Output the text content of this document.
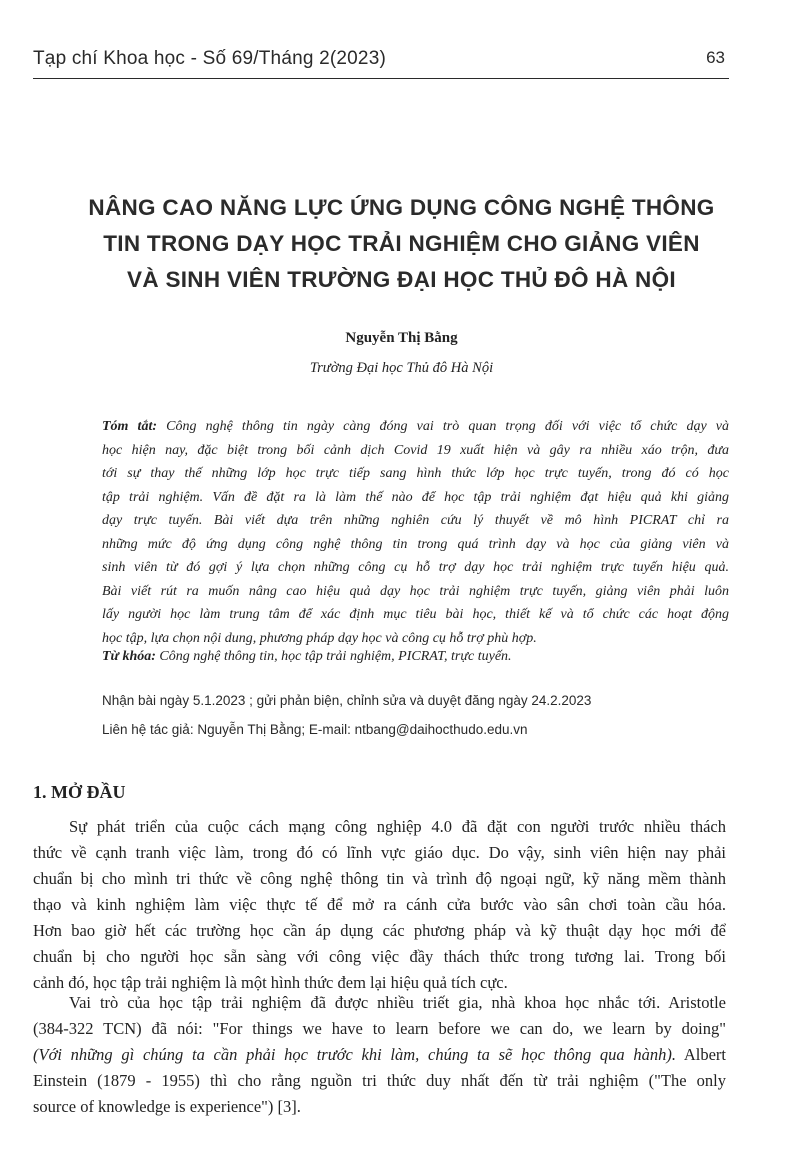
Tạp chí Khoa học - Số 69/Tháng 2(2023)	63
NÂNG CAO NĂNG LỰC ỨNG DỤNG CÔNG NGHỆ THÔNG
TIN TRONG DẠY HỌC TRẢI NGHIỆM CHO GIẢNG VIÊN
VÀ SINH VIÊN TRƯỜNG ĐẠI HỌC THỦ ĐÔ HÀ NỘI
Nguyễn Thị Bằng
Trường Đại học Thủ đô Hà Nội
Tóm tắt: Công nghệ thông tin ngày càng đóng vai trò quan trọng đối với việc tổ chức dạy và
học hiện nay, đặc biệt trong bối cảnh dịch Covid 19 xuất hiện và gây ra nhiều xáo trộn, đưa
tới sự thay thế những lớp học trực tiếp sang hình thức lớp học trực tuyến, trong đó có học
tập trải nghiệm. Vấn đề đặt ra là làm thế nào để học tập trải nghiệm đạt hiệu quả khi giảng
dạy trực tuyến. Bài viết dựa trên những nghiên cứu lý thuyết về mô hình PICRAT chỉ ra
những mức độ ứng dụng công nghệ thông tin trong quá trình dạy và học của giảng viên và
sinh viên từ đó gợi ý lựa chọn những công cụ hỗ trợ dạy học trải nghiệm trực tuyến hiệu quả.
Bài viết rút ra muốn nâng cao hiệu quả dạy học trải nghiệm trực tuyến, giảng viên phải luôn
lấy người học làm trung tâm để xác định mục tiêu bài học, thiết kế và tổ chức các hoạt động
học tập, lựa chọn nội dung, phương pháp dạy học và công cụ hỗ trợ phù hợp.
Từ khóa: Công nghệ thông tin, học tập trải nghiệm, PICRAT, trực tuyến.
Nhận bài ngày 5.1.2023 ; gửi phản biện, chỉnh sửa và duyệt đăng ngày 24.2.2023
Liên hệ tác giả: Nguyễn Thị Bằng; E-mail: ntbang@daihocthudo.edu.vn
1. MỞ ĐẦU
Sự phát triển của cuộc cách mạng công nghiệp 4.0 đã đặt con người trước nhiều thách
thức về cạnh tranh việc làm, trong đó có lĩnh vực giáo dục. Do vậy, sinh viên hiện nay phải
chuẩn bị cho mình tri thức về công nghệ thông tin và trình độ ngoại ngữ, kỹ năng mềm thành
thạo và kinh nghiệm làm việc thực tế để mở ra cánh cửa bước vào sân chơi toàn cầu hóa.
Hơn bao giờ hết các trường học cần áp dụng các phương pháp và kỹ thuật dạy học mới để
chuẩn bị cho người học sẵn sàng với công việc đầy thách thức trong tương lai. Trong bối
cảnh đó, học tập trải nghiệm là một hình thức đem lại hiệu quả tích cực.
Vai trò của học tập trải nghiệm đã được nhiều triết gia, nhà khoa học nhắc tới. Aristotle
(384-322 TCN) đã nói: "For things we have to learn before we can do, we learn by doing"
(Với những gì chúng ta cần phải học trước khi làm, chúng ta sẽ học thông qua hành). Albert
Einstein (1879 - 1955) thì cho rằng nguồn tri thức duy nhất đến từ trải nghiệm ("The only
source of knowledge is experience") [3].
